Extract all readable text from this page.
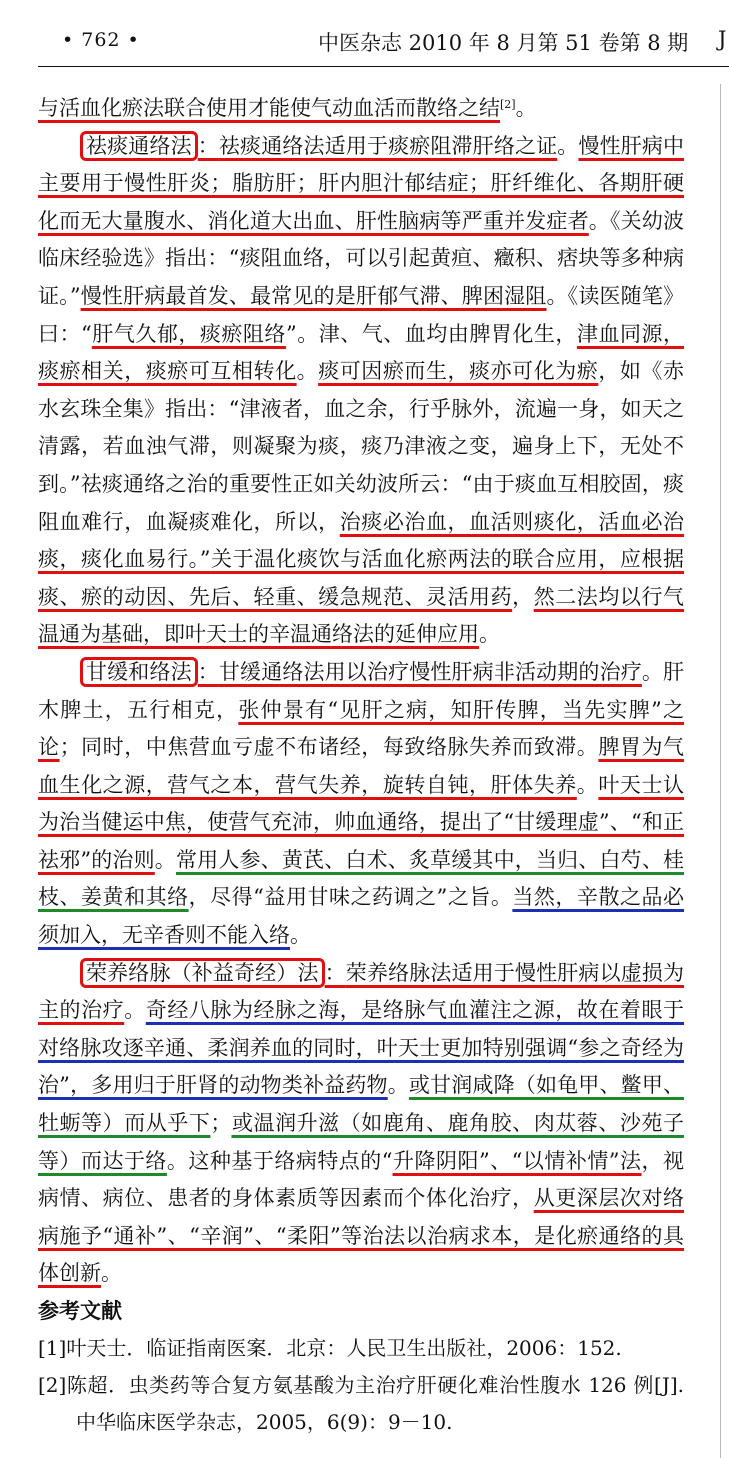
• 762 •	中医杂志 2010 年 8 月第 51 卷第 8 期 J

与活血化瘀法联合使用才能使气动血活而散络之结[2]。

祛痰通络法 ：祛痰通络法适用于痰瘀阻滞肝络之证。慢性肝病中主要用于慢性肝炎；脂肪肝；肝内胆汁郁结症；肝纤维化、各期肝硬化而无大量腹水、消化道大出血、肝性脑病等严重并发症者。《关幼波临床经验选》指出：“痰阻血络，可以引起黄疸、癥积、痞块等多种病证。”慢性肝病最首发、最常见的是肝郁气滞、脾困湿阻。《读医随笔》曰：“肝气久郁，痰瘀阻络”。津、气、血均由脾胃化生，津血同源，痰瘀相关，痰瘀可互相转化。痰可因瘀而生，痰亦可化为瘀，如《赤水玄珠全集》指出：“津液者，血之余，行乎脉外，流遍一身，如天之清露，若血浊气滞，则凝聚为痰，痰乃津液之变，遍身上下，无处不到。”祛痰通络之治的重要性正如关幼波所云：“由于痰血互相胶固，痰阻血难行，血凝痰难化，所以，治痰必治血，血活则痰化，活血必治痰，痰化血易行。”关于温化痰饮与活血化瘀两法的联合应用，应根据痰、瘀的动因、先后、轻重、缓急规范、灵活用药，然二法均以行气温通为基础，即叶天士的辛温通络法的延伸应用。

甘缓和络法 ：甘缓通络法用以治疗慢性肝病非活动期的治疗。肝木脾土，五行相克，张仲景有“见肝之病，知肝传脾，当先实脾”之论；同时，中焦营血亏虚不布诸经，每致络脉失养而致滞。脾胃为气血生化之源，营气之本，营气失养，旋转自钝，肝体失养。叶天士认为治当健运中焦，使营气充沛，帅血通络，提出了“甘缓理虚”、“和正祛邪”的治则。常用人参、黄芪、白术、炙草缓其中，当归、白芍、桂枝、姜黄和其络，尽得“益用甘味之药调之”之旨。当然，辛散之品必须加入，无辛香则不能入络。

荣养络脉（补益奇经）法 ：荣养络脉法适用于慢性肝病以虚损为主的治疗。奇经八脉为经脉之海，是络脉气血灌注之源，故在着眼于对络脉攻逐辛通、柔润养血的同时，叶天士更加特别强调“参之奇经为治”，多用归于肝肾的动物类补益药物。或甘润咸降（如龟甲、鳖甲、牡蛎等）而从乎下；或温润升滋（如鹿角、鹿角胶、肉苁蓉、沙苑子等）而达于络。这种基于络病特点的“升降阴阳”、“以情补情”法，视病情、病位、患者的身体素质等因素而个体化治疗，从更深层次对络病施予“通补”、“辛润”、“柔阳”等治法以治病求本，是化瘀通络的具体创新。

参考文献

[1]叶天士．临证指南医案．北京：人民卫生出版社，2006：152.

[2]陈超．虫类药等合复方氨基酸为主治疗肝硬化难治性腹水 126 例[J]. 中华临床医学杂志，2005，6(9)：9－10.
